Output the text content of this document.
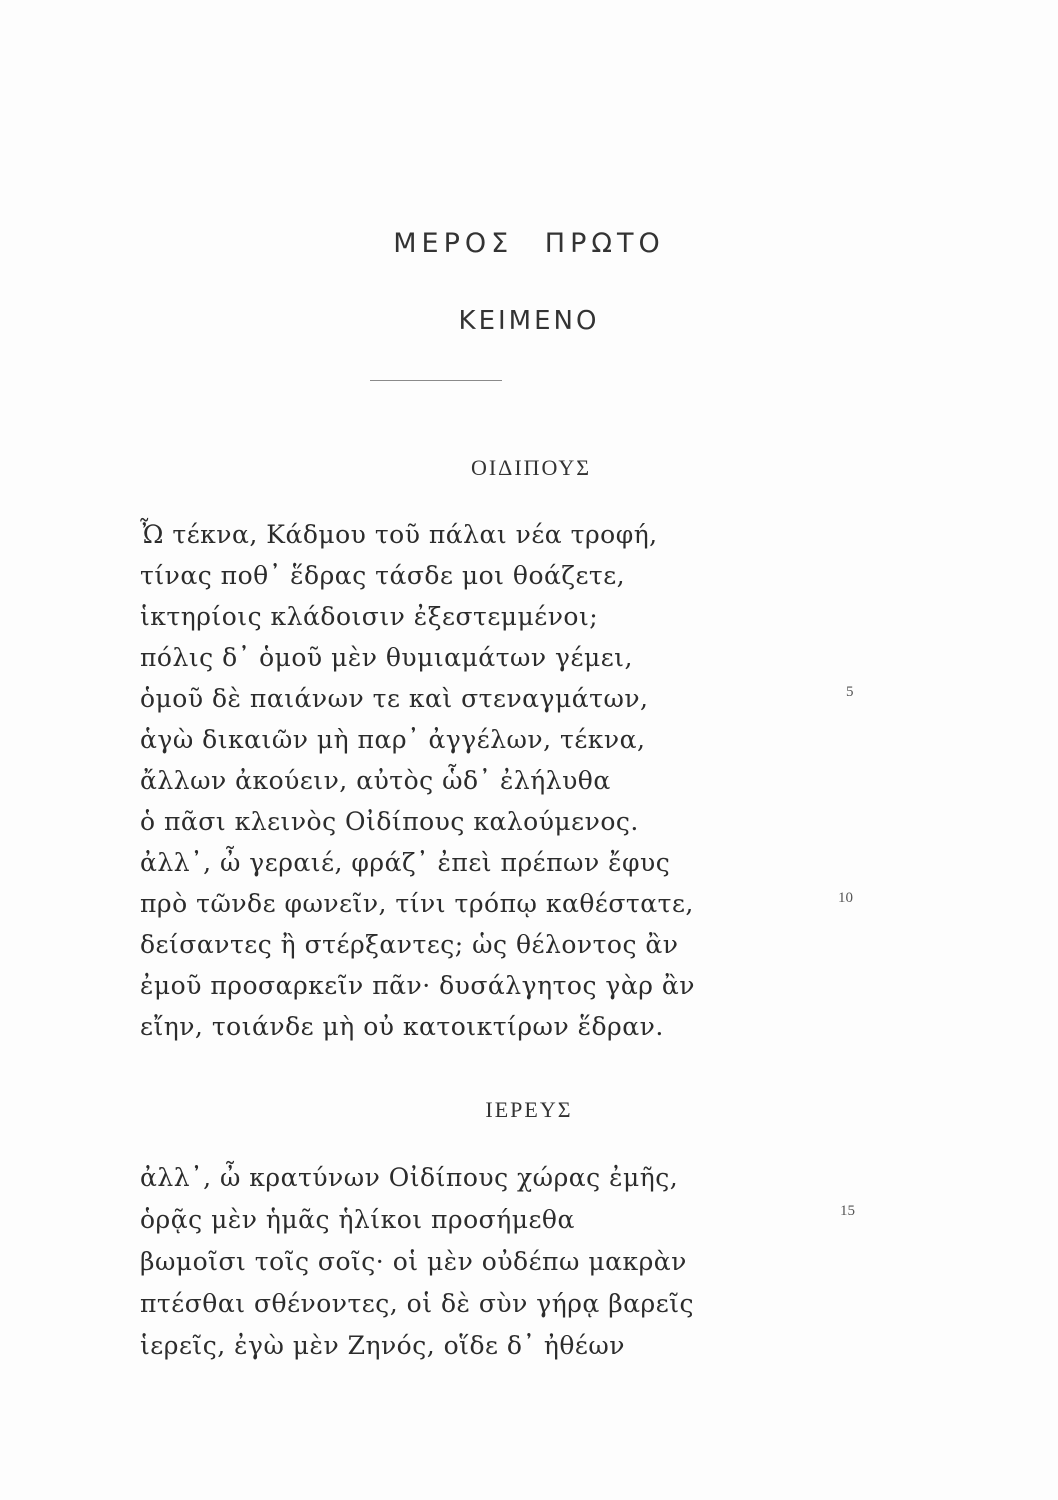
ΜΕΡΟΣ ΠΡΩΤΟ
ΚΕΙΜΕΝΟ
ΟΙΔΙΠΟΥΣ
Ὦ τέκνα, Κάδμου τοῦ πάλαι νέα τροφή,
τίνας ποθ᾿ ἕδρας τάσδε μοι θοάζετε,
ἱκτηρίοις κλάδοισιν ἐξεστεμμένοι;
πόλις δ᾿ ὁμοῦ μὲν θυμιαμάτων γέμει,
ὁμοῦ δὲ παιάνων τε καὶ στεναγμάτων,
ἁγὼ δικαιῶν μὴ παρ᾿ ἀγγέλων, τέκνα,
ἄλλων ἀκούειν, αὐτὸς ὧδ᾿ ἐλήλυθα
ὁ πᾶσι κλεινὸς Οἰδίπους καλούμενος.
ἀλλ᾿, ὦ γεραιέ, φράζ᾿ ἐπεὶ πρέπων ἔφυς
πρὸ τῶνδε φωνεῖν, τίνι τρόπῳ καθέστατε,
δείσαντες ἢ στέρξαντες; ὡς θέλοντος ἂν
ἐμοῦ προσαρκεῖν πᾶν· δυσάλγητος γὰρ ἂν
εἴην, τοιάνδε μὴ οὐ κατοικτίρων ἕδραν.
5
10
15
ΙΕΡΕΥΣ
ἀλλ᾿, ὦ κρατύνων Οἰδίπους χώρας ἐμῆς,
ὁρᾷς μὲν ἡμᾶς ἡλίκοι προσήμεθα
βωμοῖσι τοῖς σοῖς· οἱ μὲν οὐδέπω μακρὰν
πτέσθαι σθένοντες, οἱ δὲ σὺν γήρᾳ βαρεῖς
ἱερεῖς, ἐγὼ μὲν Ζηνός, οἵδε δ᾿ ἠθέων
